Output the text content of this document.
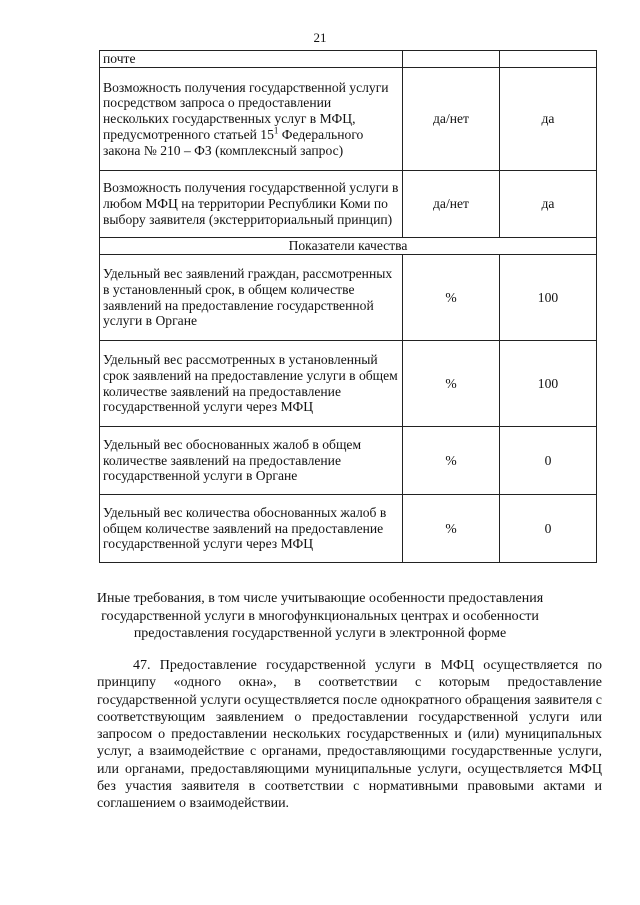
21
почте		
Возможность получения государственной услуги посредством запроса о предоставлении нескольких государственных услуг в МФЦ, предусмотренного статьей $15^1$ Федерального закона № 210 – ФЗ (комплексный запрос)	да/нет	да
Возможность получения государственной услуги в любом МФЦ на территории Республики Коми по выбору заявителя (экстерриториальный принцип)	да/нет	да
Показатели качества		
Удельный вес заявлений граждан, рассмотренных в установленный срок, в общем количестве заявлений на предоставление государственной услуги в Органе	%	100
Удельный вес рассмотренных в установленный срок заявлений на предоставление услуги в общем количестве заявлений на предоставление государственной услуги через МФЦ	%	100
Удельный вес обоснованных жалоб в общем количестве заявлений на предоставление государственной услуги в Органе	%	0
Удельный вес количества обоснованных жалоб в общем количестве заявлений на предоставление государственной услуги через МФЦ	%	0
Иные требования, в том числе учитывающие особенности предоставления государственной услуги в многофункциональных центрах и особенности предоставления государственной услуги в электронной форме

47. Предоставление государственной услуги в МФЦ осуществляется по принципу «одного окна», в соответствии с которым предоставление государственной услуги осуществляется после однократного обращения заявителя с соответствующим заявлением о предоставлении государственной услуги или запросом о предоставлении нескольких государственных и (или) муниципальных услуг, а взаимодействие с органами, предоставляющими государственные услуги, или органами, предоставляющими муниципальные услуги, осуществляется МФЦ без участия заявителя в соответствии с нормативными правовыми актами и соглашением о взаимодействии.
